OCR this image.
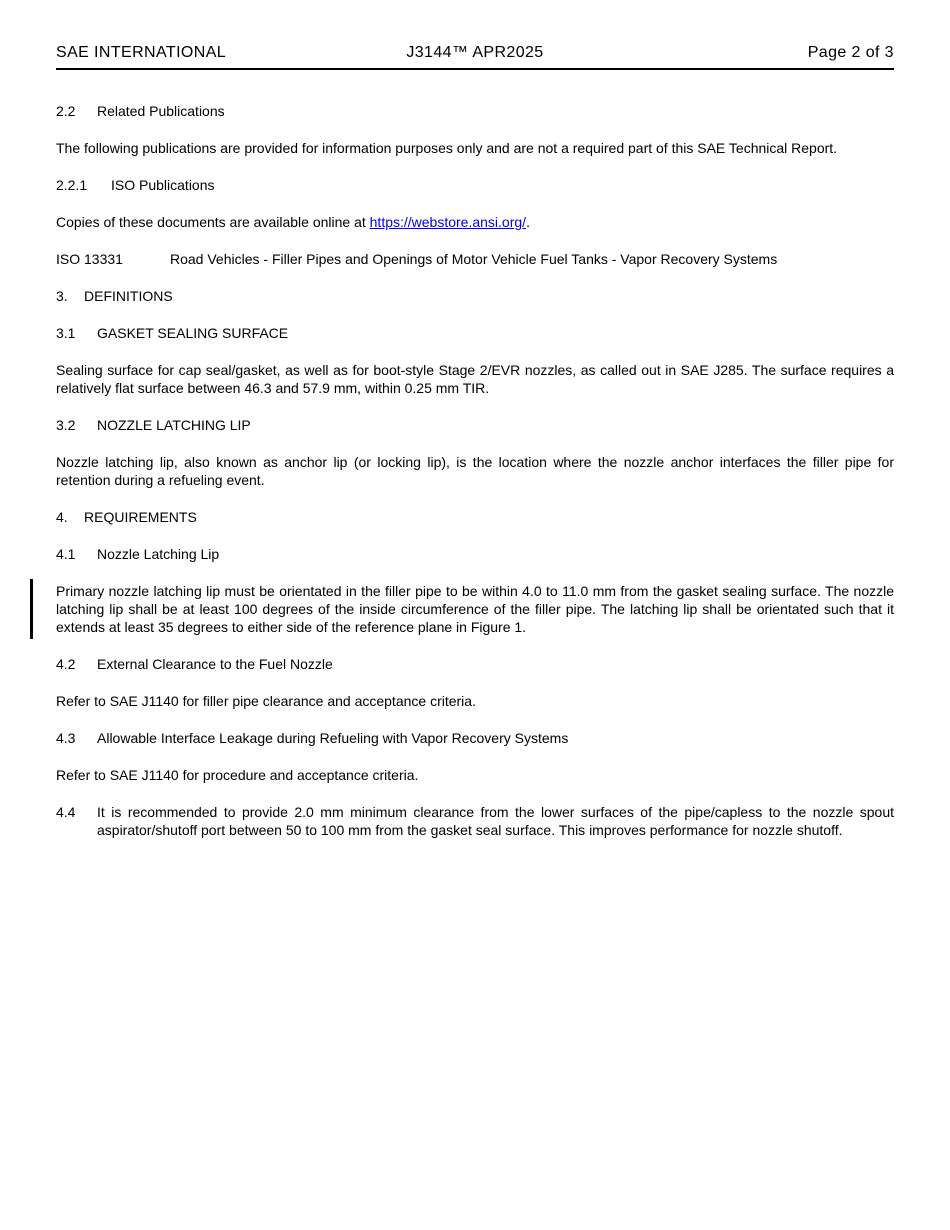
SAE INTERNATIONAL	J3144™ APR2025	Page 2 of 3
2.2	Related Publications
The following publications are provided for information purposes only and are not a required part of this SAE Technical Report.
2.2.1	ISO Publications
Copies of these documents are available online at https://webstore.ansi.org/.
ISO 13331	Road Vehicles - Filler Pipes and Openings of Motor Vehicle Fuel Tanks - Vapor Recovery Systems
3.	DEFINITIONS
3.1	GASKET SEALING SURFACE
Sealing surface for cap seal/gasket, as well as for boot-style Stage 2/EVR nozzles, as called out in SAE J285. The surface requires a relatively flat surface between 46.3 and 57.9 mm, within 0.25 mm TIR.
3.2	NOZZLE LATCHING LIP
Nozzle latching lip, also known as anchor lip (or locking lip), is the location where the nozzle anchor interfaces the filler pipe for retention during a refueling event.
4.	REQUIREMENTS
4.1	Nozzle Latching Lip
Primary nozzle latching lip must be orientated in the filler pipe to be within 4.0 to 11.0 mm from the gasket sealing surface. The nozzle latching lip shall be at least 100 degrees of the inside circumference of the filler pipe. The latching lip shall be orientated such that it extends at least 35 degrees to either side of the reference plane in Figure 1.
4.2	External Clearance to the Fuel Nozzle
Refer to SAE J1140 for filler pipe clearance and acceptance criteria.
4.3	Allowable Interface Leakage during Refueling with Vapor Recovery Systems
Refer to SAE J1140 for procedure and acceptance criteria.
4.4	It is recommended to provide 2.0 mm minimum clearance from the lower surfaces of the pipe/capless to the nozzle spout aspirator/shutoff port between 50 to 100 mm from the gasket seal surface. This improves performance for nozzle shutoff.
